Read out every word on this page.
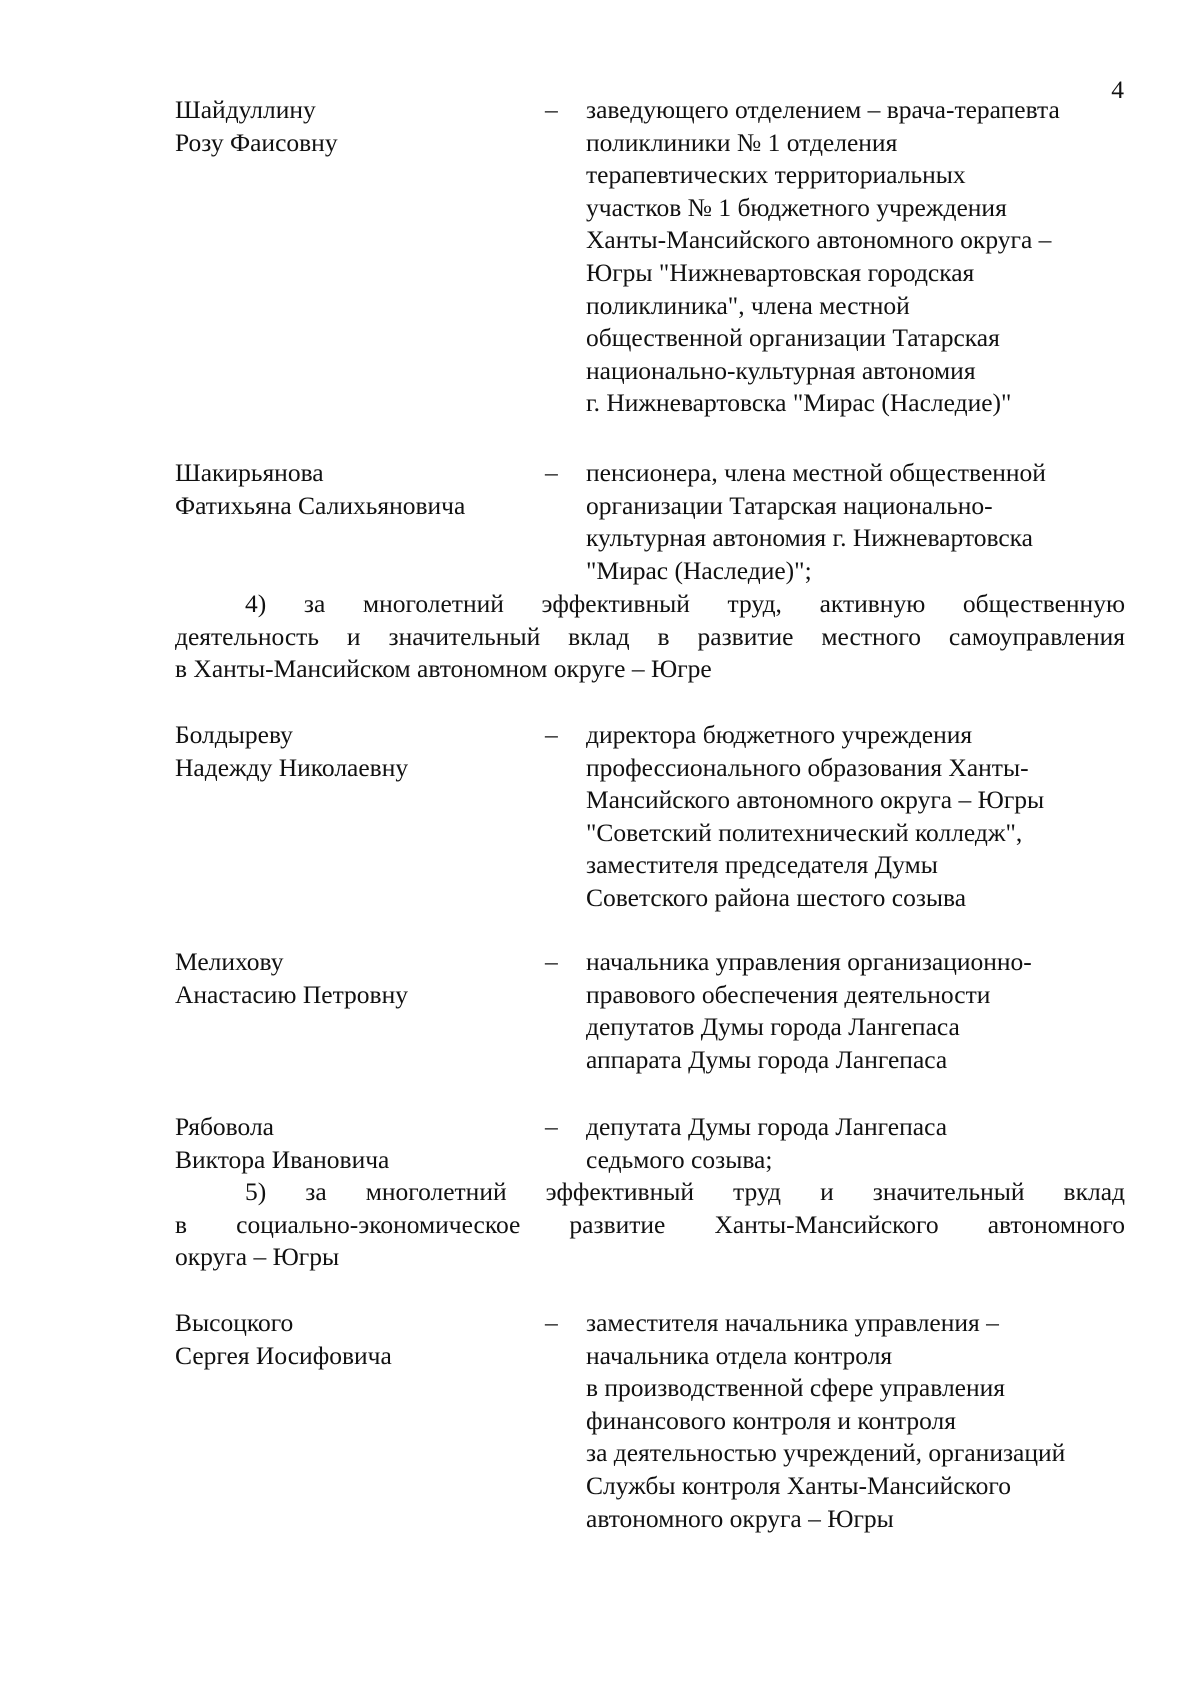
4
Шайдуллину
Розу Фаисовну
– заведующего отделением – врача-терапевта
поликлиники № 1 отделения
терапевтических территориальных
участков № 1 бюджетного учреждения
Ханты-Мансийского автономного округа –
Югры "Нижневартовская городская
поликлиника", члена местной
общественной организации Татарская
национально-культурная автономия
г. Нижневартовска "Мирас (Наследие)"
Шакирьянова
Фатихьяна Салихьяновича
– пенсионера, члена местной общественной
организации Татарская национально-
культурная автономия г. Нижневартовска
"Мирас (Наследие)";
4) за многолетний эффективный труд, активную общественную
деятельность и значительный вклад в развитие местного самоуправления
в Ханты-Мансийском автономном округе – Югре
Болдыреву
Надежду Николаевну
– директора бюджетного учреждения
профессионального образования Ханты-
Мансийского автономного округа – Югры
"Советский политехнический колледж",
заместителя председателя Думы
Советского района шестого созыва
Мелихову
Анастасию Петровну
– начальника управления организационно-
правового обеспечения деятельности
депутатов Думы города Лангепаса
аппарата Думы города Лангепаса
Рябовола
Виктора Ивановича
– депутата Думы города Лангепаса
седьмого созыва;
5) за многолетний эффективный труд и значительный вклад
в социально-экономическое развитие Ханты-Мансийского автономного
округа – Югры
Высоцкого
Сергея Иосифовича
– заместителя начальника управления –
начальника отдела контроля
в производственной сфере управления
финансового контроля и контроля
за деятельностью учреждений, организаций
Службы контроля Ханты-Мансийского
автономного округа – Югры
